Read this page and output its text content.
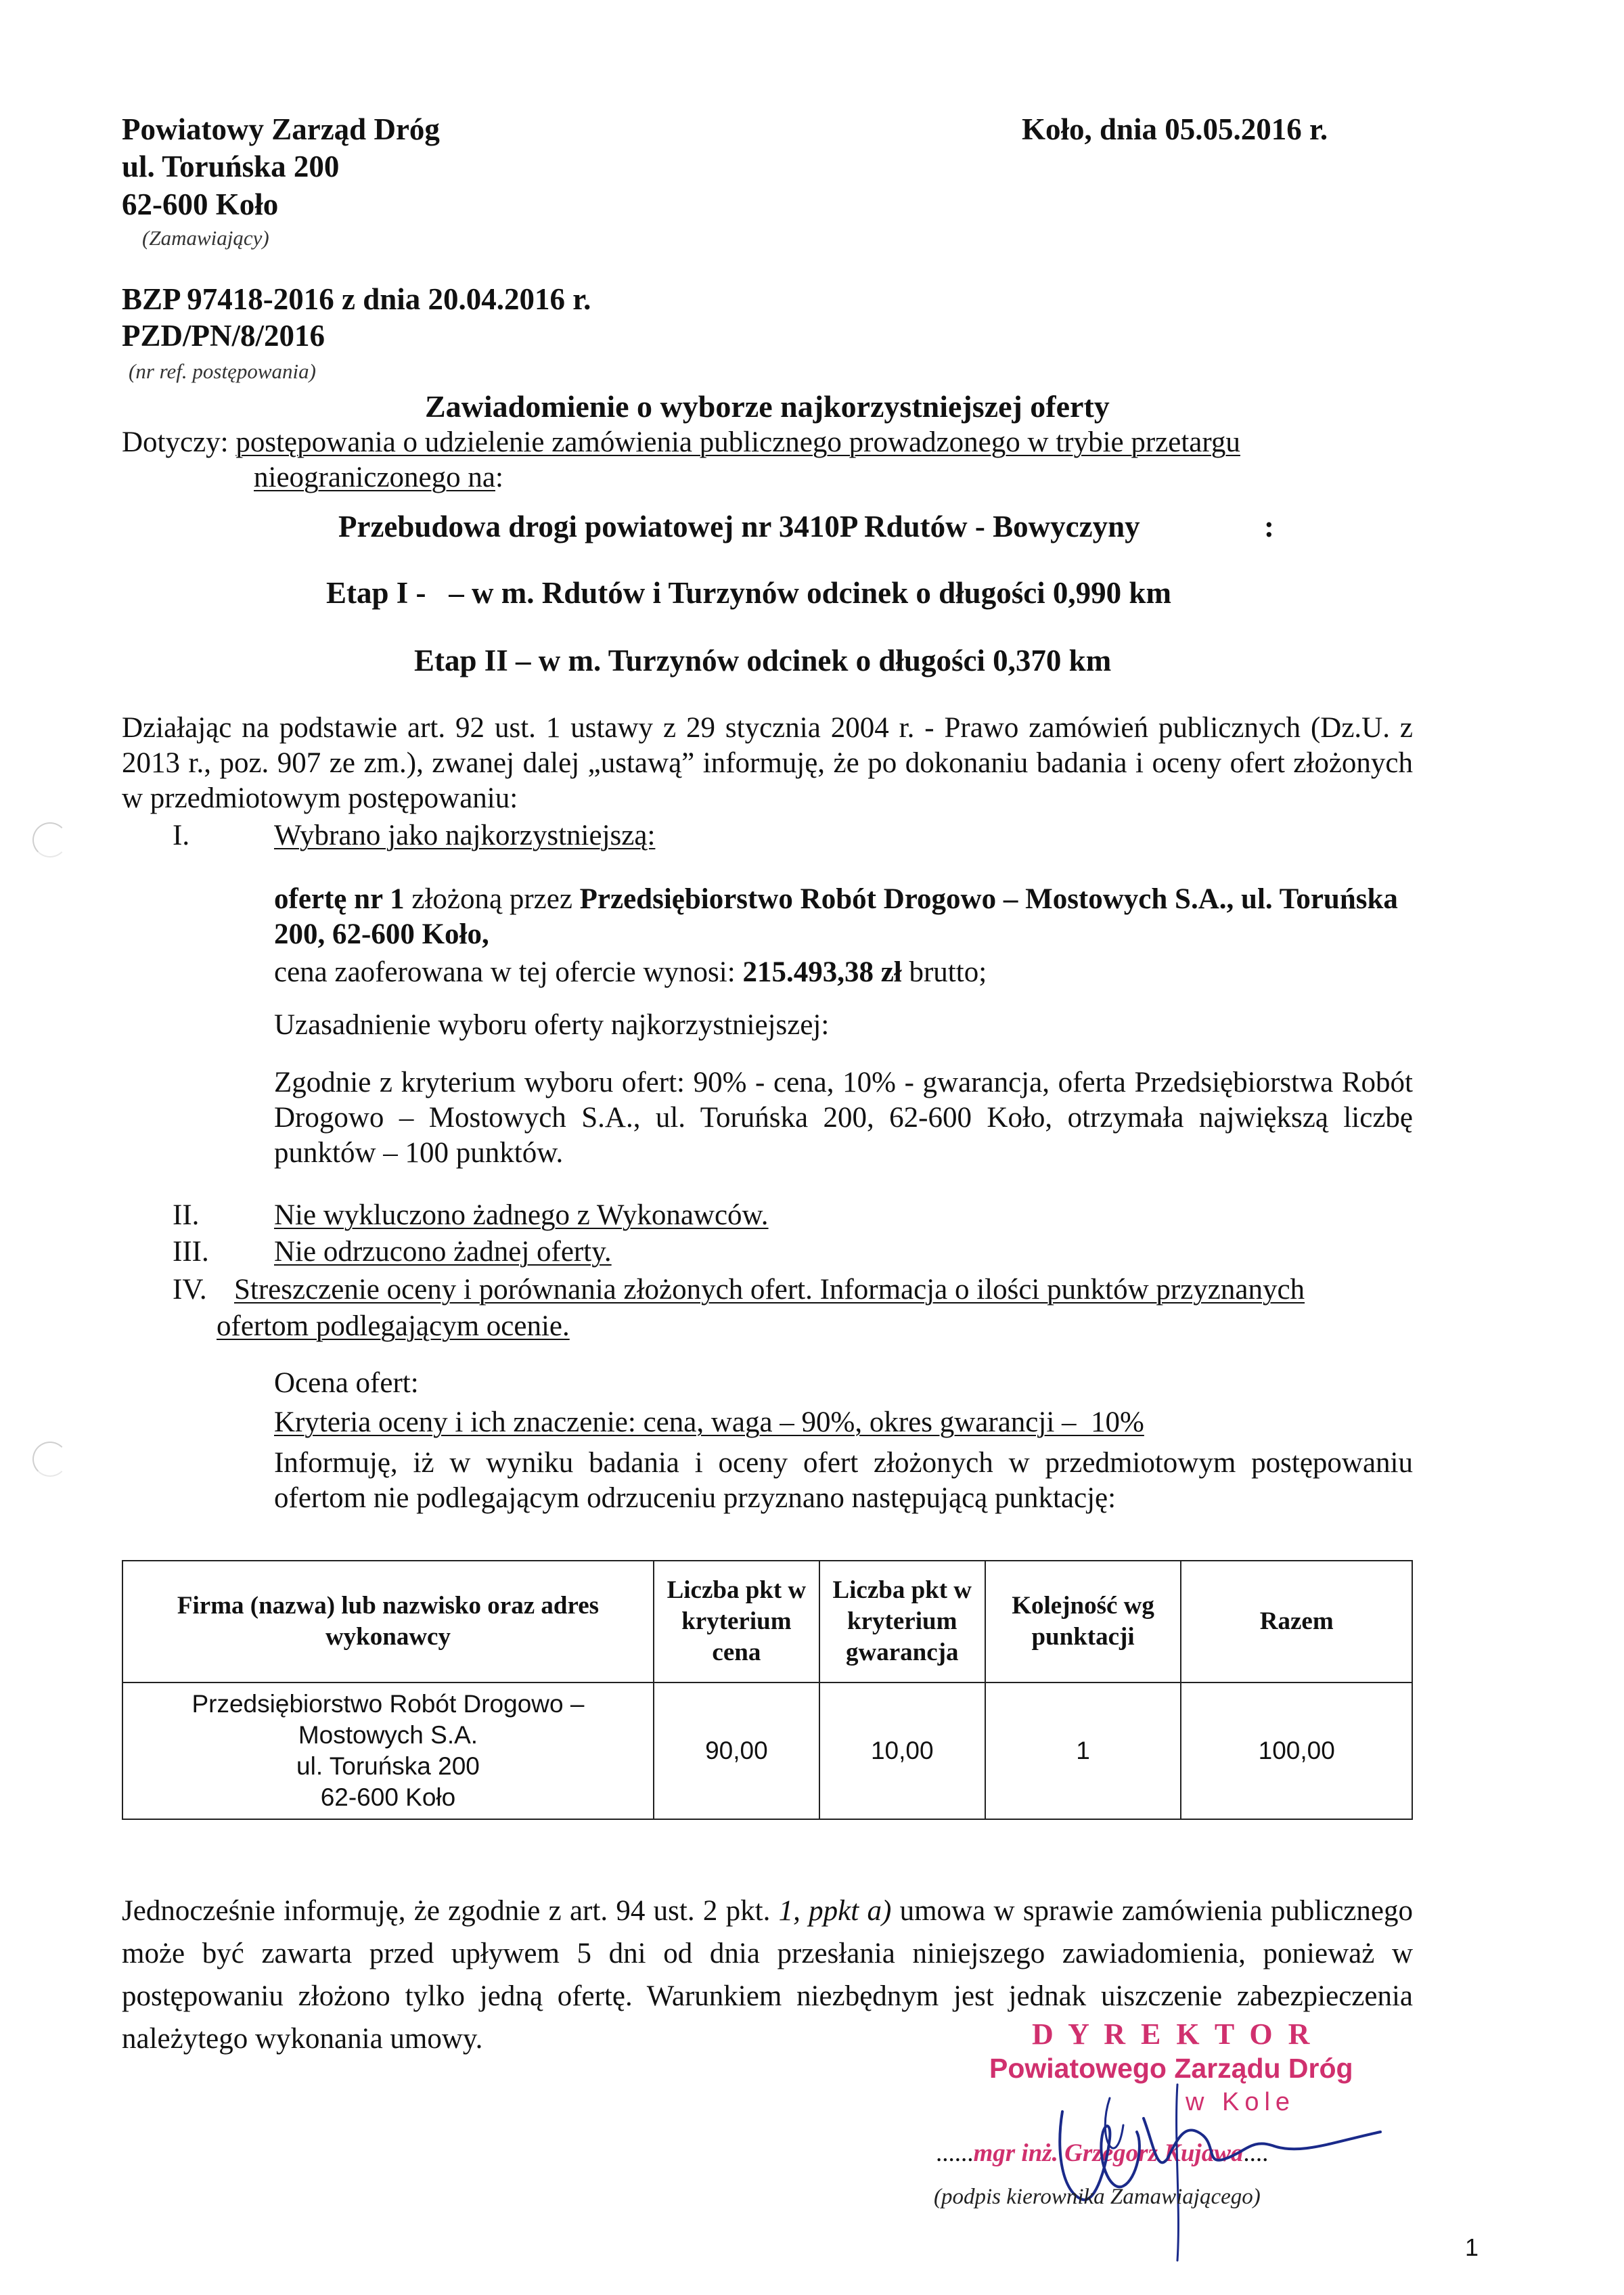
Powiatowy Zarząd Dróg
ul. Toruńska 200
62-600 Koło
(Zamawiający)
Koło, dnia 05.05.2016 r.
BZP 97418-2016 z dnia 20.04.2016 r.
PZD/PN/8/2016
(nr ref. postępowania)
Zawiadomienie o wyborze najkorzystniejszej oferty
Dotyczy: postępowania o udzielenie zamówienia publicznego prowadzonego w trybie przetargu
nieograniczonego na:
Przebudowa drogi powiatowej nr 3410P Rdutów - Bowyczyny	:
Etap I -   – w m. Rdutów i Turzynów odcinek o długości 0,990 km
Etap II – w m. Turzynów odcinek o długości 0,370 km
Działając na podstawie art. 92 ust. 1 ustawy z 29 stycznia 2004 r. - Prawo zamówień publicznych (Dz.U. z 2013 r., poz. 907 ze zm.), zwanej dalej „ustawą” informuję, że po dokonaniu badania i oceny ofert złożonych w przedmiotowym postępowaniu:
I.	Wybrano jako najkorzystniejszą:
ofertę nr 1 złożoną przez Przedsiębiorstwo Robót Drogowo – Mostowych S.A., ul. Toruńska 200, 62-600 Koło,
cena zaoferowana w tej ofercie wynosi: 215.493,38 zł brutto;
Uzasadnienie wyboru oferty najkorzystniejszej:
Zgodnie z kryterium wyboru ofert: 90% - cena, 10% - gwarancja, oferta Przedsiębiorstwa Robót Drogowo – Mostowych S.A., ul. Toruńska 200, 62-600 Koło, otrzymała największą liczbę punktów – 100 punktów.
II.	Nie wykluczono żadnego z Wykonawców.
III. Nie odrzucono żadnej oferty.
IV. Streszczenie oceny i porównania złożonych ofert. Informacja o ilości punktów przyznanych
ofertom podlegającym ocenie.
Ocena ofert:
Kryteria oceny i ich znaczenie: cena, waga – 90%, okres gwarancji –  10%
Informuję, iż w wyniku badania i oceny ofert złożonych w przedmiotowym postępowaniu ofertom nie podlegającym odrzuceniu przyznano następującą punktację:
Firma (nazwa) lub nazwisko oraz adres wykonawcy	Liczba pkt w kryterium cena	Liczba pkt w kryterium gwarancja	Kolejność wg punktacji	Razem

Przedsiębiorstwo Robót Drogowo –
Mostowych S.A.
ul. Toruńska 200
62-600 Koło	90,00	10,00	1	100,00
Jednocześnie informuję, że zgodnie z art. 94 ust. 2 pkt. 1, ppkt a) umowa w sprawie zamówienia publicznego może być zawarta przed upływem 5 dni od dnia przesłania niniejszego zawiadomienia, ponieważ w postępowaniu złożono tylko jedną ofertę. Warunkiem niezbędnym jest jednak uiszczenie zabezpieczenia należytego wykonania umowy.	D Y R E K T O R
Powiatowego Zarządu Dróg
w Kole
......mgr inż. Grzegorz Kujawa....
(podpis kierownika Zamawiającego)
1
